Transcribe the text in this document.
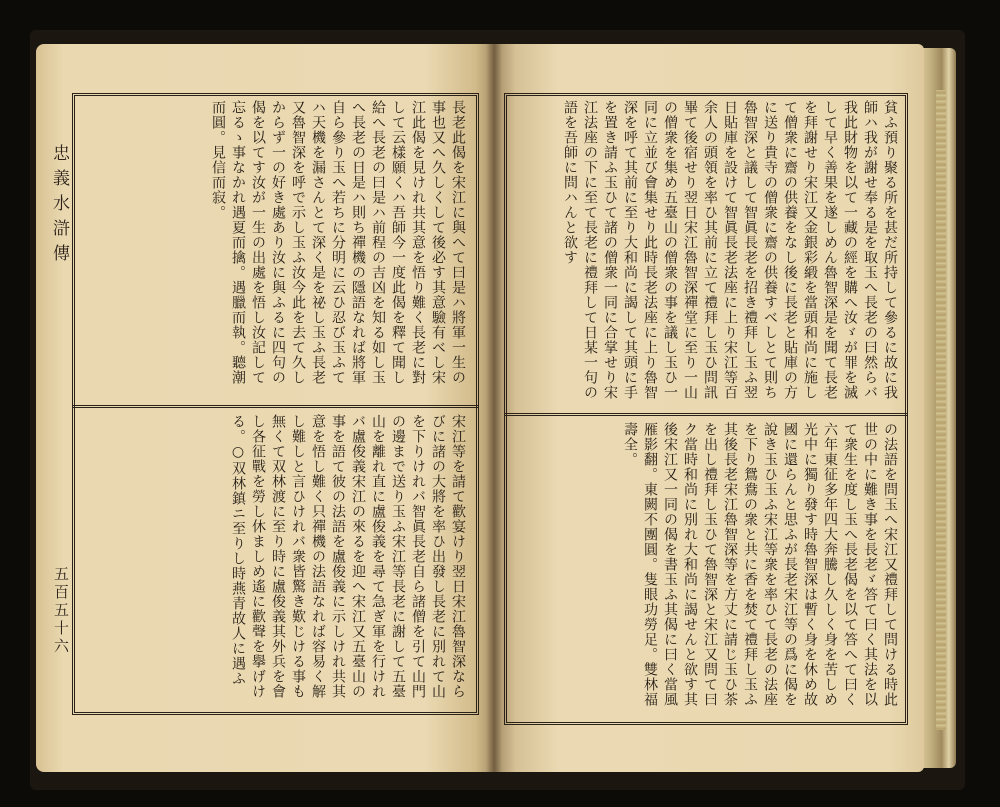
忠義水滸傳
五百五十六
長老此偈を宋江に與へて曰是ハ將軍一生の事也又へ久しくして後必す其意驗有べし宋江此偈を見けれ共其意を悟り難く長老に對して云樣願くハ吾師今一度此偈を釋て聞し給へ長老の曰是ハ前程の吉凶を知る如し玉へ長老の日是ハ則ち禪機の隱語なれば將軍自ら參り玉へ若ちに分明に云ひ忍び玉ふてハ天機を漏さんとて深く是を祕し玉ふ長老又魯智深を呼で示し玉ふ汝今此を去て久しからず一の好き處あり汝に與ふるに四句の偈を以てす汝が一生の出處を悟し汝記して忘るゝ事なかれ遇夏而擒。遇臘而執。聽潮而圓。見信而寂。
宋江等を請て歡宴けり翌日宋江魯智深ならびに諸の大將を率ひ出發し長老に別れて山を下りけれバ智眞長老自ら諸僧を引て山門の邊まで送り玉ふ宋江等長老に謝して五臺山を離れ直に盧俊義を尋て急ぎ軍を行けれバ盧俊義宋江の來るを迎へ宋江又五臺山の事を語て彼の法語を盧俊義に示しけれ共其意を悟し難く只禪機の法語なれば容易く解し難しと言ひけれバ衆皆驚き歎じける事も無くて双林渡に至り時に盧俊義其外兵を會し各征戰を勞し休ましめ遙に歡聲を擧げける。○双林鎮ニ至りし時燕青故人に遇ふ
貧ふ預り聚る所を甚だ所持して參るに故に我師ハ我が謝せ奉る是を取玉へ長老の曰然らバ我此財物を以て一藏の經を購へ汝ゞが罪を滅して早く善果を遂しめん魯智深是を聞て長老を拜謝せり宋江又金銀彩緞を當頭和尚に施して僧衆に齋の供養をなし後に長老と貼庫の方に送り貴寺の僧衆に齋の供養すべしとて則ち魯智深と議して智眞長老を招き禮拜し玉ふ翌日貼庫を設けて智眞長老法座に上り宋江等百余人の頭領を率ひ其前に立て禮拜し玉ひ問訊畢て後宿せり翌日宋江魯智深禪堂に至り一山の僧衆を集め五臺山の僧衆の事を議し玉ひ一同に立並び會集せり此時長老法座に上り魯智深を呼て其前に至り大和尚に謁して其頭に手を置き請ふ玉ひて諸の僧衆一同に合掌せり宋江法座の下に至て長老に禮拜して日某一句の語を吾師に問ハんと欲す
の法語を問玉へ宋江又禮拜して問ける時此世の中に難き事を長老ゞ答て曰く其法を以て衆生を度し玉へ長老偈を以て答へて曰く六年東征多年四大奔騰し久しく身を苦しめ光中に獨り發す時魯智深は暫く身を休め故國に還らんと思ふが長老宋江等の爲に偈を說き玉ひ玉ふ宋江等衆を率ひて長老の法座を下り鴛鴦の衆と共に香を焚て禮拜し玉ふ其後長老宋江魯智深等を方丈に請じ玉ひ茶を出し禮拜し玉ひて魯智深と宋江又問て曰ク當時和尚に別れ大和尚に謁せんと欲す其後宋江又一同の偈を書玉ふ其偈に曰く當風雁影翻。東闕不團圓。隻眼功勞足。雙林福壽全。
